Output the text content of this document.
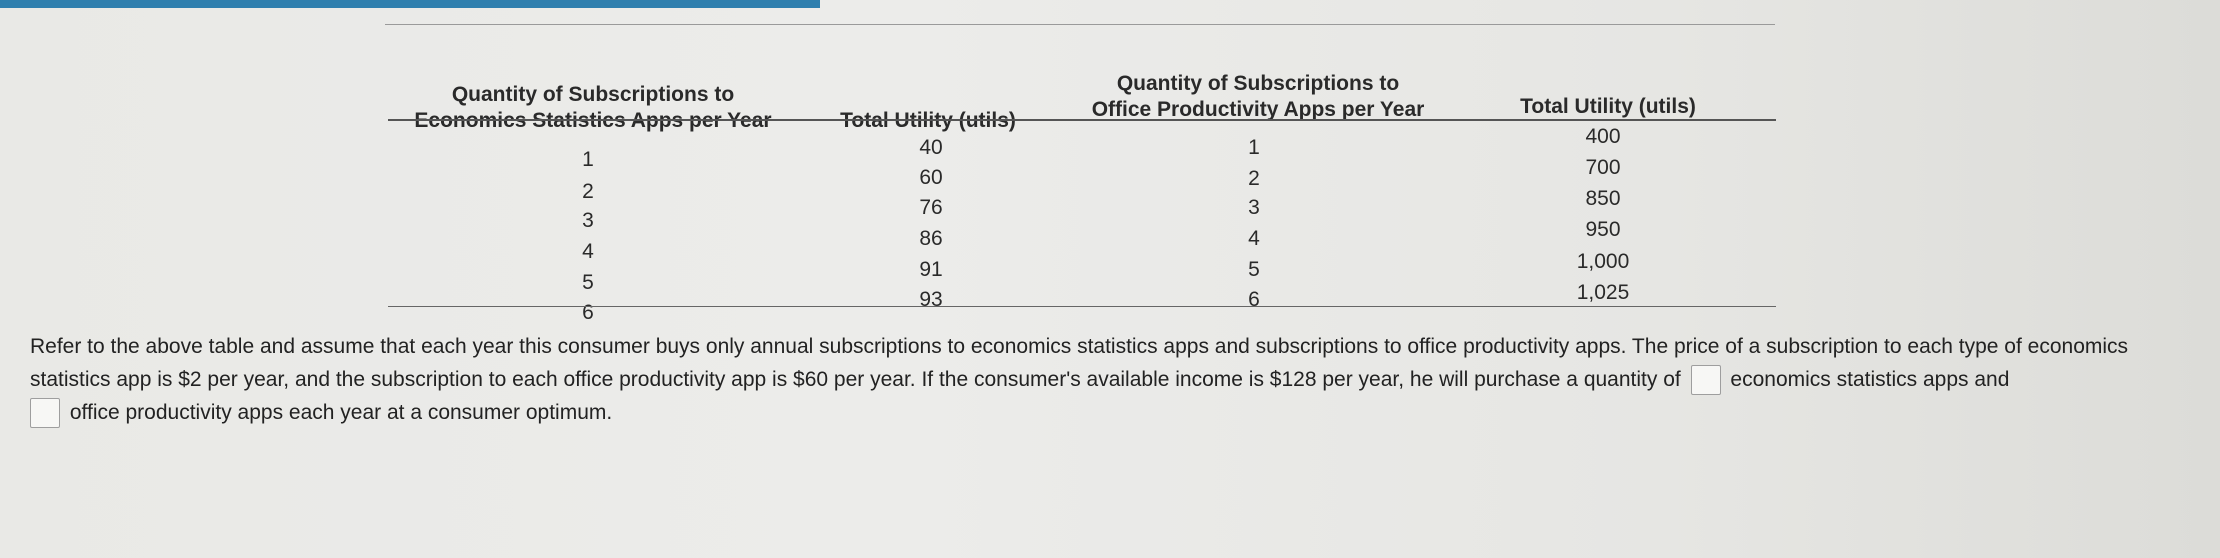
Quantity of Subscriptions to
Economics Statistics Apps per Year	Total Utility (utils)
Quantity of Subscriptions to
Office Productivity Apps per Year	Total Utility (utils)
1
2
3
4
5
6
40
60
76
86
91
93
1
2
3
4
5
6
400
700
850
950
1,000
1,025
Refer to the above table and assume that each year this consumer buys only annual subscriptions to economics statistics apps and subscriptions to office productivity apps. The price of a subscription to each type of economics statistics app is $2 per year, and the subscription to each office productivity app is $60 per year. If the consumer's available income is $128 per year, he will purchase a quantity of economics statistics apps and
office productivity apps each year at a consumer optimum.
